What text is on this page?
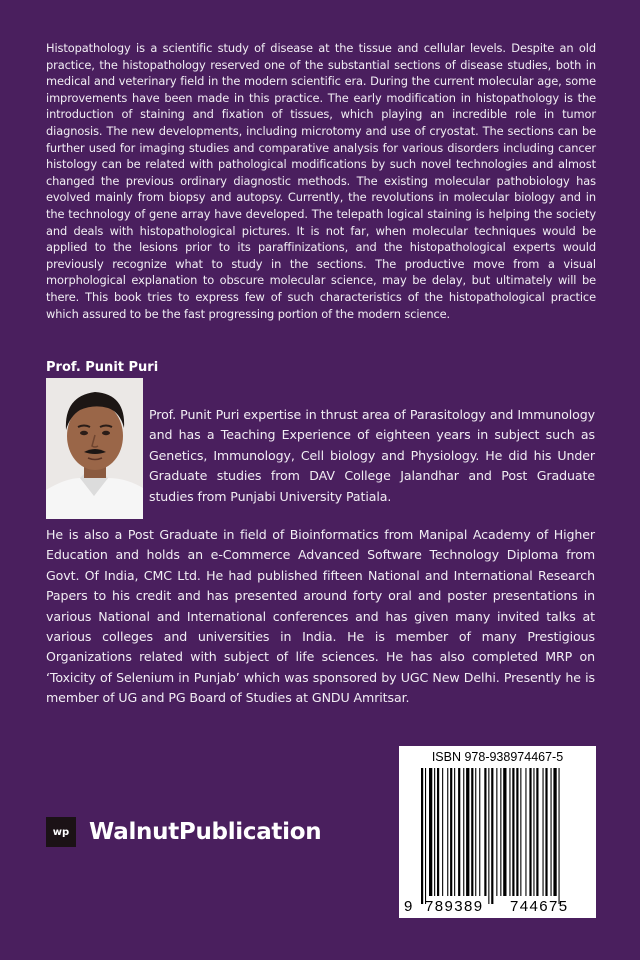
Histopathology is a scientific study of disease at the tissue and cellular levels. Despite an old practice, the histopathology reserved one of the substantial sections of disease studies, both in medical and veterinary field in the modern scientific era. During the current molecular age, some improvements have been made in this practice. The early modification in histopathology is the introduction of staining and fixation of tissues, which playing an incredible role in tumor diagnosis. The new developments, including microtomy and use of cryostat. The sections can be further used for imaging studies and comparative analysis for various disorders including cancer histology can be related with pathological modifications by such novel technologies and almost changed the previous ordinary diagnostic methods. The existing molecular pathobiology has evolved mainly from biopsy and autopsy. Currently, the revolutions in molecular biology and in the technology of gene array have developed. The telepath logical staining is helping the society and deals with histopathological pictures. It is not far, when molecular techniques would be applied to the lesions prior to its paraffinizations, and the histopathological experts would previously recognize what to study in the sections. The productive move from a visual morphological explanation to obscure molecular science, may be delay, but ultimately will be there. This book tries to express few of such characteristics of the histopathological practice which assured to be the fast progressing portion of the modern science.

Prof. Punit Puri

Prof. Punit Puri expertise in thrust area of Parasitology and Immunology and has a Teaching Experience of eighteen years in subject such as Genetics, Immunology, Cell biology and Physiology. He did his Under Graduate studies from DAV College Jalandhar and Post Graduate studies from Punjabi University Patiala.

He is also a Post Graduate in field of Bioinformatics from Manipal Academy of Higher Education and holds an e-Commerce Advanced Software Technology Diploma from Govt. Of India, CMC Ltd. He had published fifteen National and International Research Papers to his credit and has presented around forty oral and poster presentations in various National and International conferences and has given many invited talks at various colleges and universities in India. He is member of many Prestigious Organizations related with subject of life sciences. He has also completed MRP on ‘Toxicity of Selenium in Punjab’ which was sponsored by UGC New Delhi. Presently he is member of UG and PG Board of Studies at GNDU Amritsar.

wp WalnutPublication
ISBN 978-938974467-5
9 789389 744675
